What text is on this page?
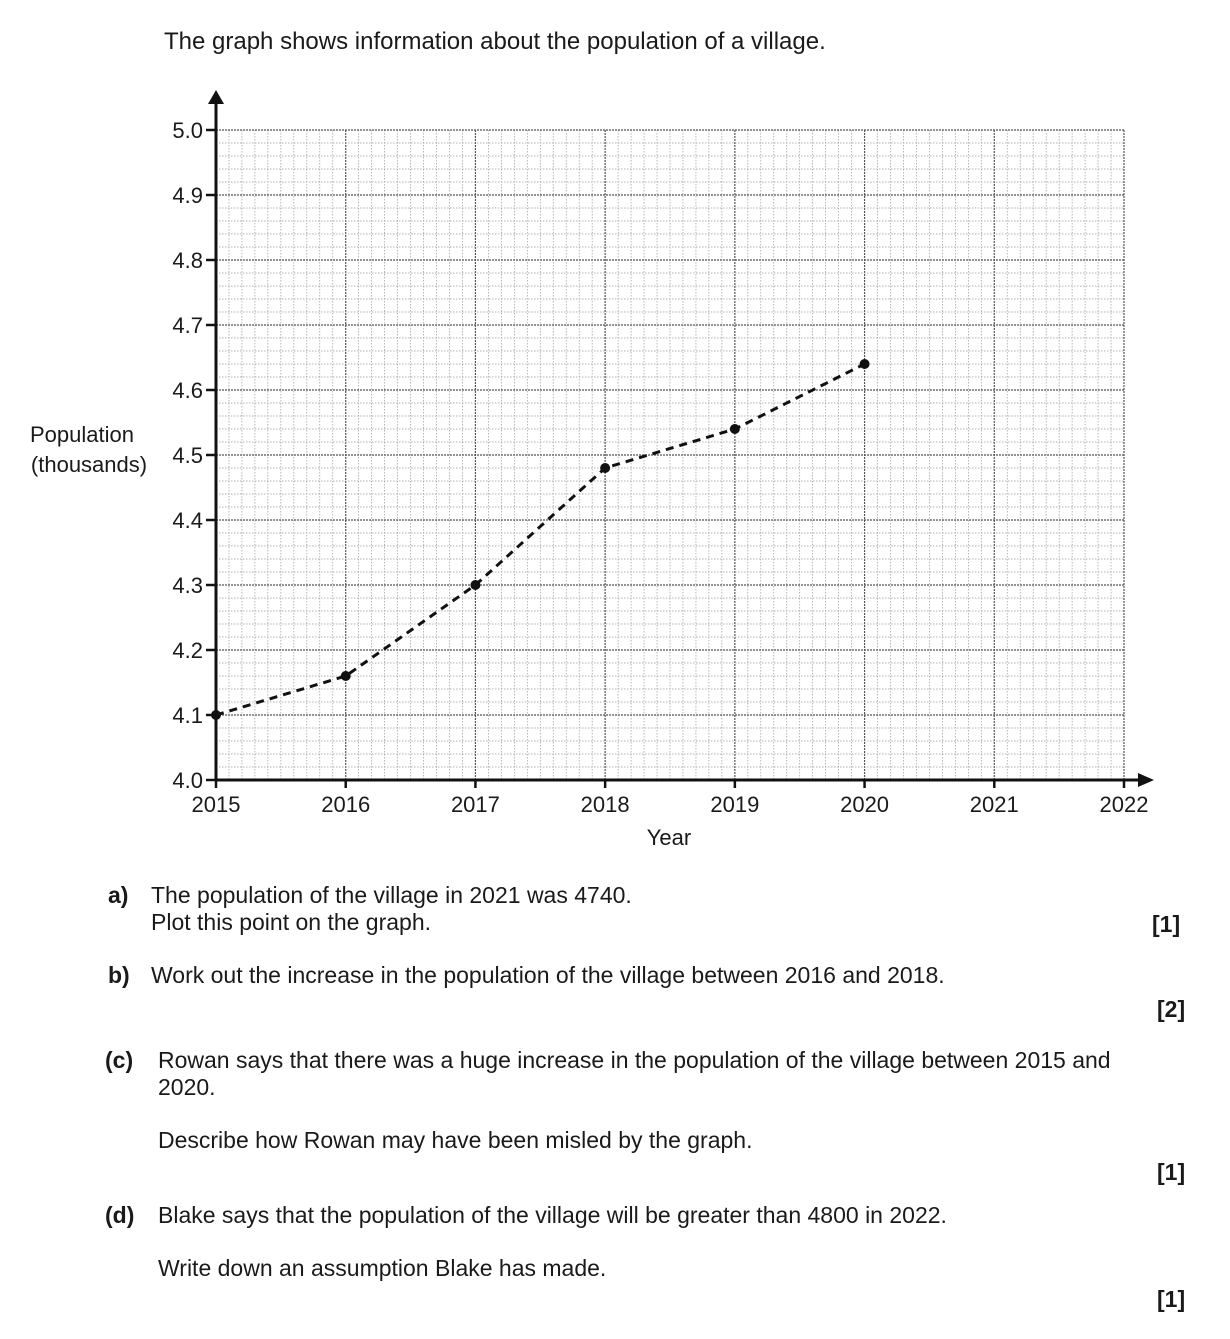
The graph shows information about the population of a village.
4.0
4.1
4.2
4.3
4.4
4.5
4.6
4.7
4.8
4.9
5.0
2015	2016	2017	2018	2019	2020	2021	2022
Population
(thousands)
Year
a) The population of the village in 2021 was 4740.
Plot this point on the graph.	[1]
b) Work out the increase in the population of the village between 2016 and 2018.
[2]
(c) Rowan says that there was a huge increase in the population of the village between 2015 and
2020.
Describe how Rowan may have been misled by the graph.
[1]
(d) Blake says that the population of the village will be greater than 4800 in 2022.
Write down an assumption Blake has made.
[1]
